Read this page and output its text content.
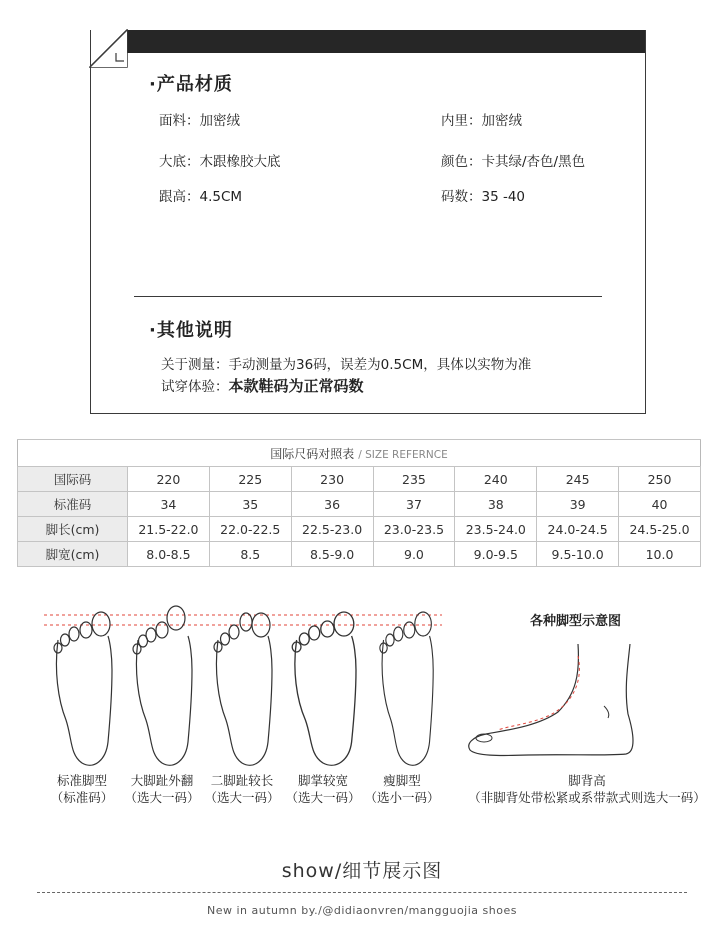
·产品材质
面料：加密绒	内里：加密绒
大底：木跟橡胶大底	颜色：卡其绿/杏色/黑色
跟高：4.5CM	码数：35 -40
·其他说明
关于测量：手动测量为36码，误差为0.5CM，具体以实物为准
试穿体验：本款鞋码为正常码数
国际尺码对照表 / SIZE REFERNCE							
国际码	220	225	230	235	240	245	250
标准码	34	35	36	37	38	39	40
脚长(cm)	21.5-22.0	22.0-22.5	22.5-23.0	23.0-23.5	23.5-24.0	24.0-24.5	24.5-25.0
脚宽(cm)	8.0-8.5	8.5	8.5-9.0	9.0	9.0-9.5	9.5-10.0	10.0
标准脚型
（标准码）
大脚趾外翻
（选大一码）
二脚趾较长
（选大一码）
脚掌较宽
（选大一码）
瘦脚型
（选小一码）
各种脚型示意图
脚背高
（非脚背处带松紧或系带款式则选大一码）
show/细节展示图
New in autumn by./@didiaonvren/mangguojia shoes
